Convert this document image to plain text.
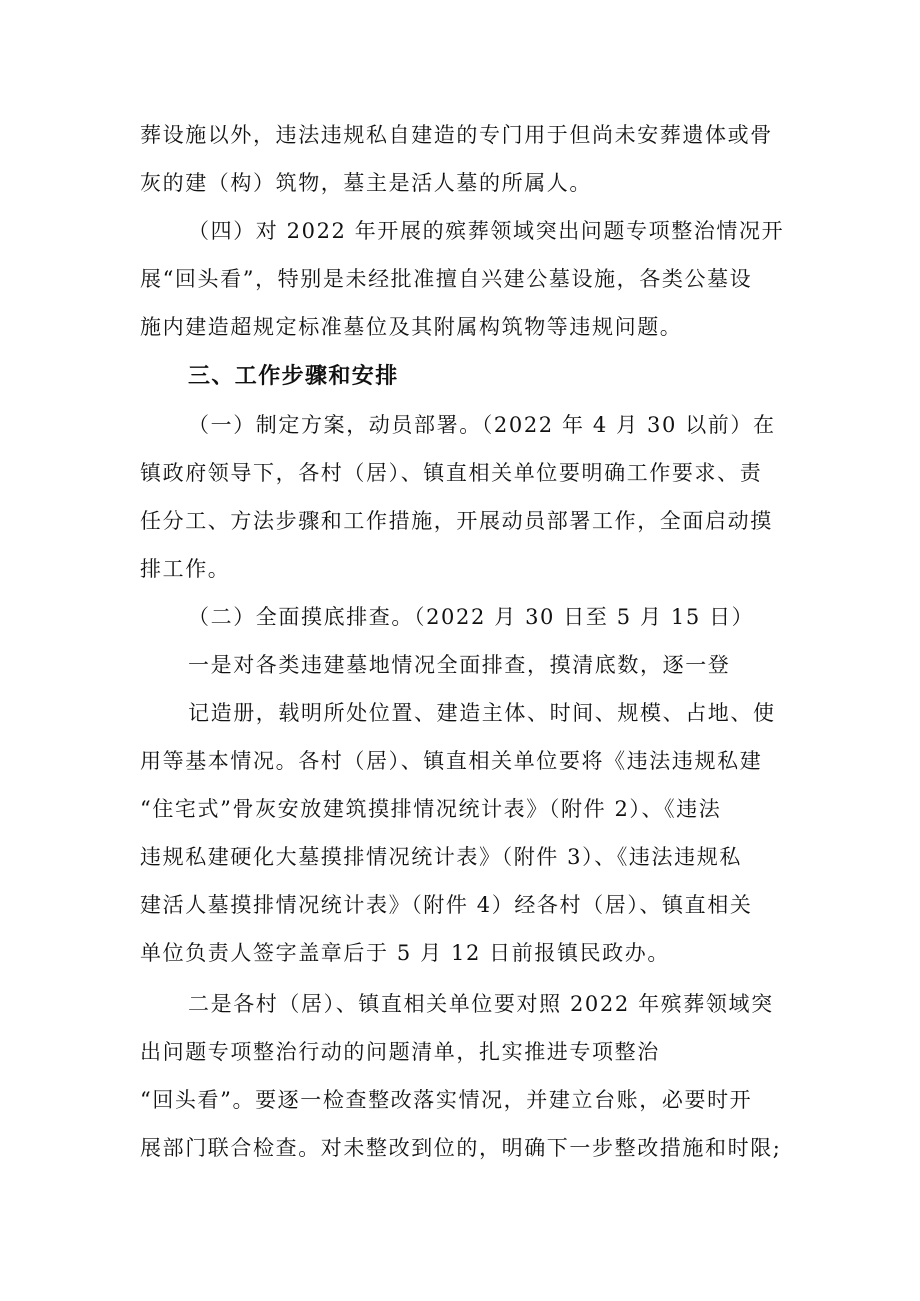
葬设施以外，违法违规私自建造的专门用于但尚未安葬遗体或骨
灰的建（构）筑物，墓主是活人墓的所属人。
（四）对 2022 年开展的殡葬领域突出问题专项整治情况开
展“回头看”，特别是未经批准擅自兴建公墓设施，各类公墓设
施内建造超规定标准墓位及其附属构筑物等违规问题。
三、工作步骤和安排
（一）制定方案，动员部署。（2022 年 4 月 30 以前）在
镇政府领导下，各村（居）、镇直相关单位要明确工作要求、责
任分工、方法步骤和工作措施，开展动员部署工作，全面启动摸
排工作。
（二）全面摸底排查。（2022 月 30 日至 5 月 15 日）
一是对各类违建墓地情况全面排查，摸清底数，逐一登
记造册，载明所处位置、建造主体、时间、规模、占地、使
用等基本情况。各村（居）、镇直相关单位要将《违法违规私建
“住宅式”骨灰安放建筑摸排情况统计表》（附件 2）、《违法
违规私建硬化大墓摸排情况统计表》（附件 3）、《违法违规私
建活人墓摸排情况统计表》（附件 4）经各村（居）、镇直相关
单位负责人签字盖章后于 5 月 12 日前报镇民政办。
二是各村（居）、镇直相关单位要对照 2022 年殡葬领域突
出问题专项整治行动的问题清单，扎实推进专项整治
“回头看”。要逐一检查整改落实情况，并建立台账，必要时开
展部门联合检查。对未整改到位的，明确下一步整改措施和时限;
